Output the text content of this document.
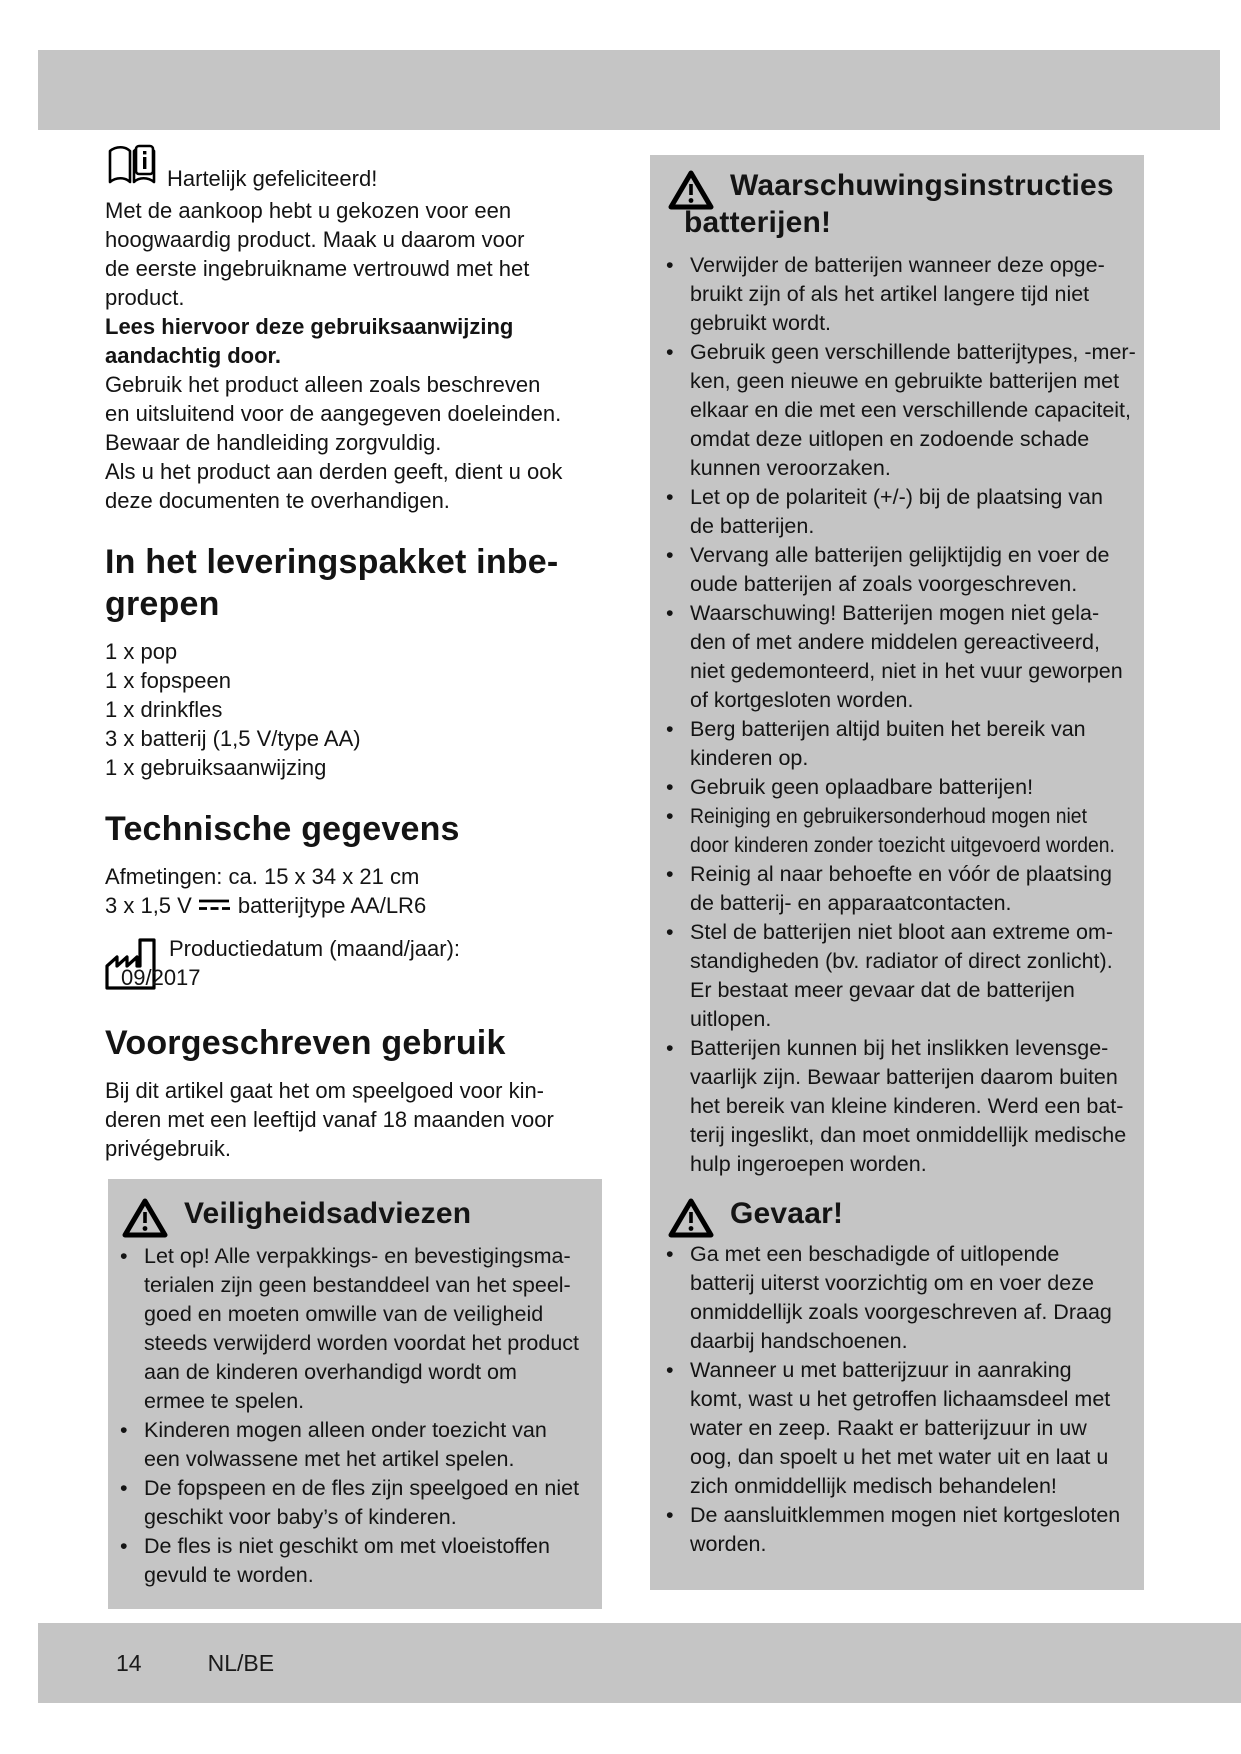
Hartelijk gefeliciteerd!
Met de aankoop hebt u gekozen voor een
hoogwaardig product. Maak u daarom voor
de eerste ingebruikname vertrouwd met het
product.
Lees hiervoor deze gebruiksaanwijzing
aandachtig door.
Gebruik het product alleen zoals beschreven
en uitsluitend voor de aangegeven doeleinden.
Bewaar de handleiding zorgvuldig.
Als u het product aan derden geeft, dient u ook
deze documenten te overhandigen.
In het leveringspakket inbe-
grepen
1 x pop
1 x fopspeen
1 x drinkfles
3 x batterij (1,5 V/type AA)
1 x gebruiksaanwijzing
Technische gegevens
Afmetingen: ca. 15 x 34 x 21 cm
3 x 1,5 V batterijtype AA/LR6
Productiedatum (maand/jaar):
09/2017
Voorgeschreven gebruik
Bij dit artikel gaat het om speelgoed voor kin-
deren met een leeftijd vanaf 18 maanden voor
privégebruik.
Veiligheidsadviezen
• Let op! Alle verpakkings- en bevestigingsma-
terialen zijn geen bestanddeel van het speel-
goed en moeten omwille van de veiligheid
steeds verwijderd worden voordat het product
aan de kinderen overhandigd wordt om
ermee te spelen.
• Kinderen mogen alleen onder toezicht van
een volwassene met het artikel spelen.
• De fopspeen en de fles zijn speelgoed en niet
geschikt voor baby’s of kinderen.
• De fles is niet geschikt om met vloeistoffen
gevuld te worden.
Waarschuwingsinstructies
batterijen!
• Verwijder de batterijen wanneer deze opge-
bruikt zijn of als het artikel langere tijd niet
gebruikt wordt.
• Gebruik geen verschillende batterijtypes, -mer-
ken, geen nieuwe en gebruikte batterijen met
elkaar en die met een verschillende capaciteit,
omdat deze uitlopen en zodoende schade
kunnen veroorzaken.
• Let op de polariteit (+/-) bij de plaatsing van
de batterijen.
• Vervang alle batterijen gelijktijdig en voer de
oude batterijen af zoals voorgeschreven.
• Waarschuwing! Batterijen mogen niet gela-
den of met andere middelen gereactiveerd,
niet gedemonteerd, niet in het vuur geworpen
of kortgesloten worden.
• Berg batterijen altijd buiten het bereik van
kinderen op.
• Gebruik geen oplaadbare batterijen!
• Reiniging en gebruikersonderhoud mogen niet
door kinderen zonder toezicht uitgevoerd worden.
• Reinig al naar behoefte en vóór de plaatsing
de batterij- en apparaatcontacten.
• Stel de batterijen niet bloot aan extreme om-
standigheden (bv. radiator of direct zonlicht).
Er bestaat meer gevaar dat de batterijen
uitlopen.
• Batterijen kunnen bij het inslikken levensge-
vaarlijk zijn. Bewaar batterijen daarom buiten
het bereik van kleine kinderen. Werd een bat-
terij ingeslikt, dan moet onmiddellijk medische
hulp ingeroepen worden.
Gevaar!
• Ga met een beschadigde of uitlopende
batterij uiterst voorzichtig om en voer deze
onmiddellijk zoals voorgeschreven af. Draag
daarbij handschoenen.
• Wanneer u met batterijzuur in aanraking
komt, wast u het getroffen lichaamsdeel met
water en zeep. Raakt er batterijzuur in uw
oog, dan spoelt u het met water uit en laat u
zich onmiddellijk medisch behandelen!
• De aansluitklemmen mogen niet kortgesloten
worden.
14	NL/BE
